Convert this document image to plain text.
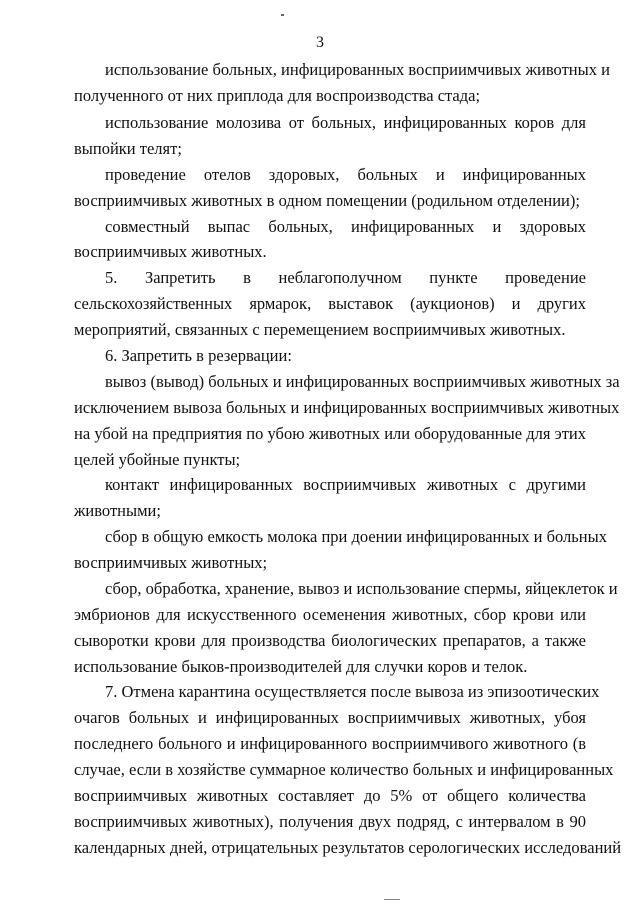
3
использование больных, инфицированных восприимчивых животных и
полученного от них приплода для воспроизводства стада;
использование молозива от больных, инфицированных коров для
выпойки телят;
проведение отелов здоровых, больных и инфицированных
восприимчивых животных в одном помещении (родильном отделении);
совместный выпас больных, инфицированных и здоровых
восприимчивых животных.
5. Запретить в неблагополучном пункте проведение
сельскохозяйственных ярмарок, выставок (аукционов) и других
мероприятий, связанных с перемещением восприимчивых животных.
6. Запретить в резервации:
вывоз (вывод) больных и инфицированных восприимчивых животных за
исключением вывоза больных и инфицированных восприимчивых животных
на убой на предприятия по убою животных или оборудованные для этих
целей убойные пункты;
контакт инфицированных восприимчивых животных с другими
животными;
сбор в общую емкость молока при доении инфицированных и больных
восприимчивых животных;
сбор, обработка, хранение, вывоз и использование спермы, яйцеклеток и
эмбрионов для искусственного осеменения животных, сбор крови или
сыворотки крови для производства биологических препаратов, а также
использование быков-производителей для случки коров и телок.
7. Отмена карантина осуществляется после вывоза из эпизоотических
очагов больных и инфицированных восприимчивых животных, убоя
последнего больного и инфицированного восприимчивого животного (в
случае, если в хозяйстве суммарное количество больных и инфицированных
восприимчивых животных составляет до 5% от общего количества
восприимчивых животных), получения двух подряд, с интервалом в 90
календарных дней, отрицательных результатов серологических исследований
